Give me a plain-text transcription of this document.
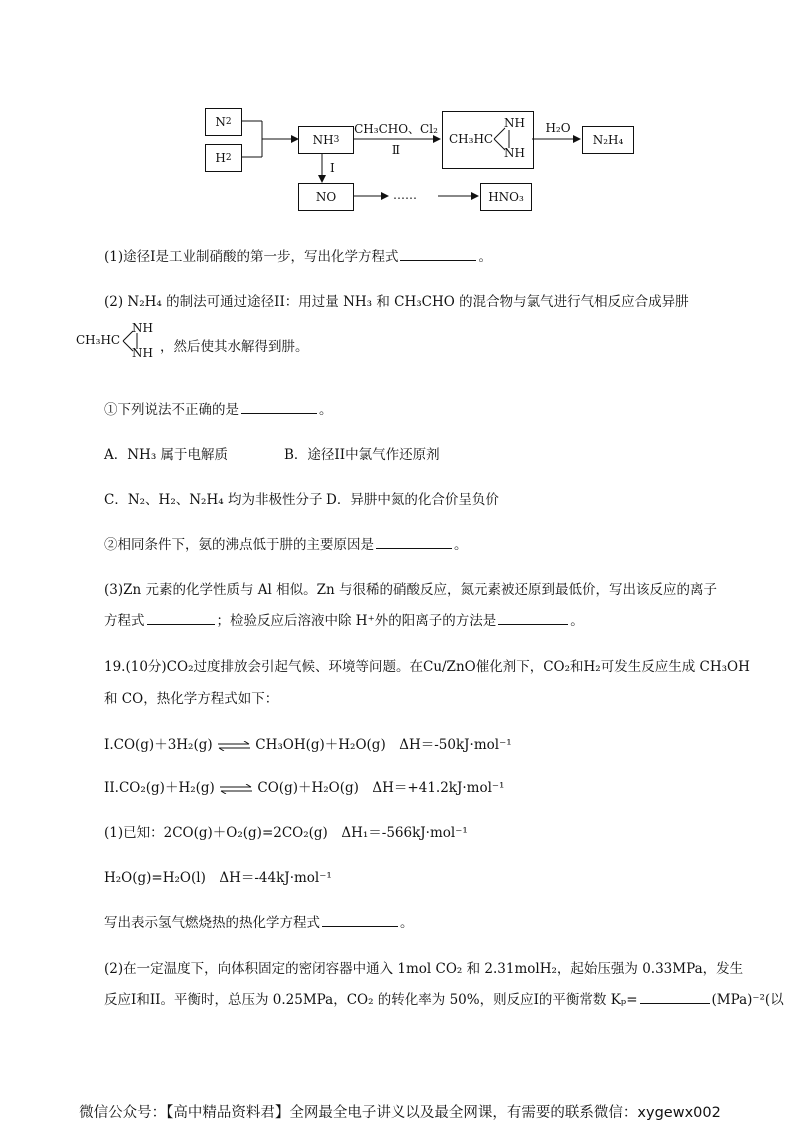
N 2
H 2
NH 3
CH₃CHO、Cl₂
Ⅱ
I
CH₃HC
NH
NH
H₂O
N₂H₄
NO	……	HNO₃
(1)途径I是工业制硝酸的第一步，写出化学方程式	。
(2) N₂H₄ 的制法可通过途径II：用过量 NH₃ 和 CH₃CHO 的混合物与氯气进行气相反应合成异肼
CH₃HC
NH
NH ，然后使其水解得到肼。
①下列说法不正确的是	。
A．NH₃ 属于电解质	B．途径II中氯气作还原剂
C．N₂、H₂、N₂H₄ 均为非极性分子 D．异肼中氮的化合价呈负价
②相同条件下，氨的沸点低于肼的主要原因是	。
(3)Zn 元素的化学性质与 Al 相似。Zn 与很稀的硝酸反应，氮元素被还原到最低价，写出该反应的离子
方程式	；检验反应后溶液中除 H⁺外的阳离子的方法是	。
19.(10分)CO₂过度排放会引起气候、环境等问题。在Cu/ZnO催化剂下，CO₂和H₂可发生反应生成 CH₃OH
和 CO，热化学方程式如下：
I.CO(g)＋3H₂(g) ⇌ CH₃OH(g)＋H₂O(g)　ΔH＝-50kJ·mol⁻¹
II.CO₂(g)＋H₂(g) ⇌ CO(g)＋H₂O(g)　ΔH＝+41.2kJ·mol⁻¹
(1)已知：2CO(g)＋O₂(g)=2CO₂(g)　ΔH₁＝-566kJ·mol⁻¹
H₂O(g)=H₂O(l)　ΔH＝-44kJ·mol⁻¹
写出表示氢气燃烧热的热化学方程式	。
(2)在一定温度下，向体积固定的密闭容器中通入 1mol CO₂ 和 2.31molH₂，起始压强为 0.33MPa，发生
反应I和II。平衡时，总压为 0.25MPa，CO₂ 的转化率为 50%，则反应I的平衡常数 Kₚ=	(MPa)⁻²(以
微信公众号：【高中精品资料君】全网最全电子讲义以及最全网课，有需要的联系微信：xygewx002
